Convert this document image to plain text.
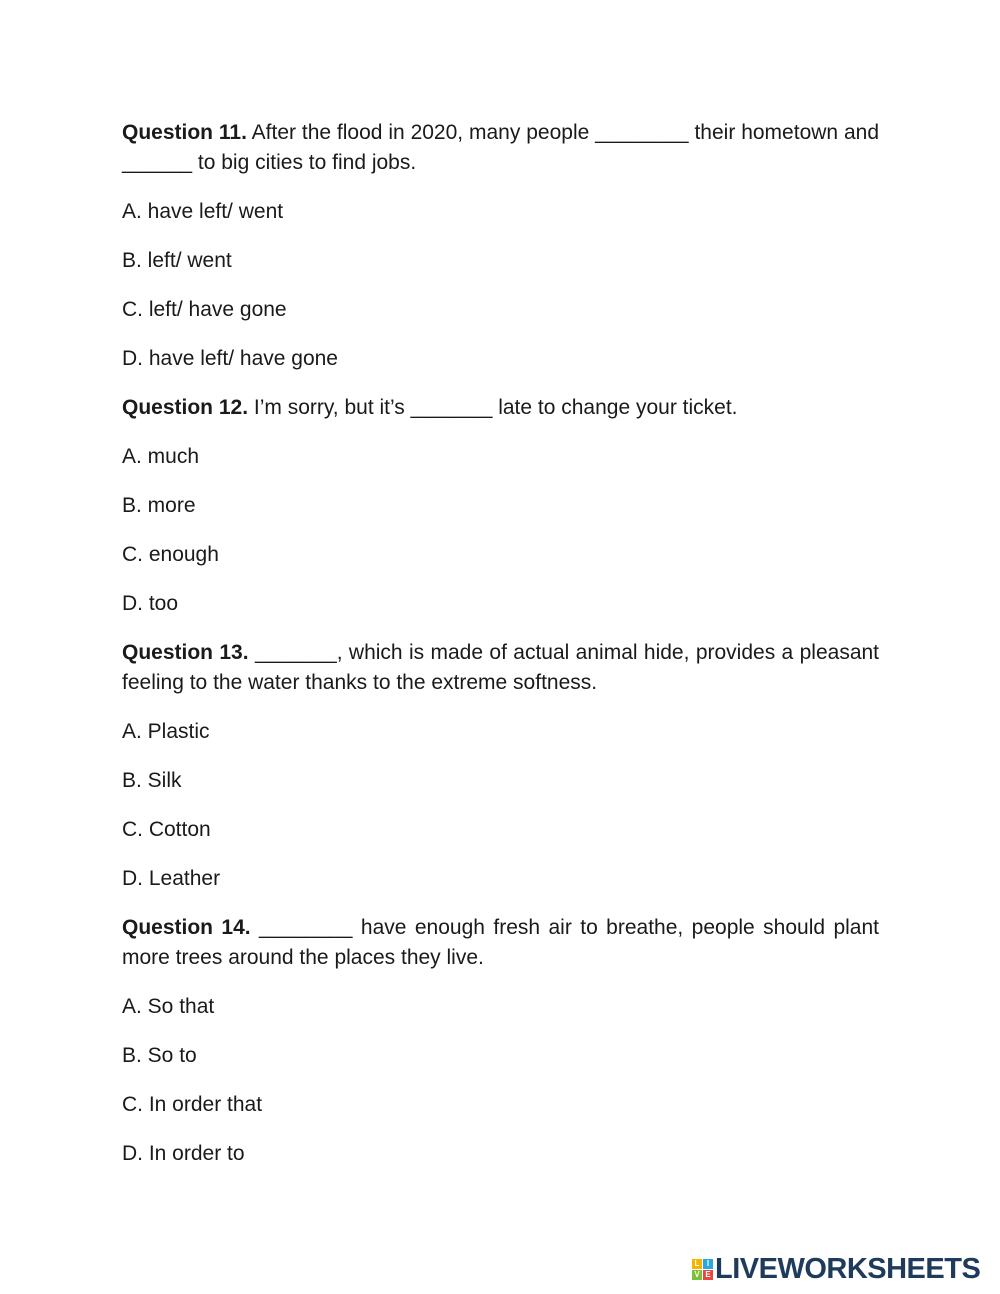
Question 11. After the flood in 2020, many people ________ their hometown and ______ to big cities to find jobs.

A. have left/ went

B. left/ went

C. left/ have gone

D. have left/ have gone

Question 12. I’m sorry, but it’s _______ late to change your ticket.

A. much

B. more

C. enough

D. too

Question 13. _______, which is made of actual animal hide, provides a pleasant feeling to the water thanks to the extreme softness.

A. Plastic

B. Silk

C. Cotton

D. Leather

Question 14. ________ have enough fresh air to breathe, people should plant more trees around the places they live.

A. So that

B. So to

C. In order that

D. In order to

L I
V E LIVEWORKSHEETS
